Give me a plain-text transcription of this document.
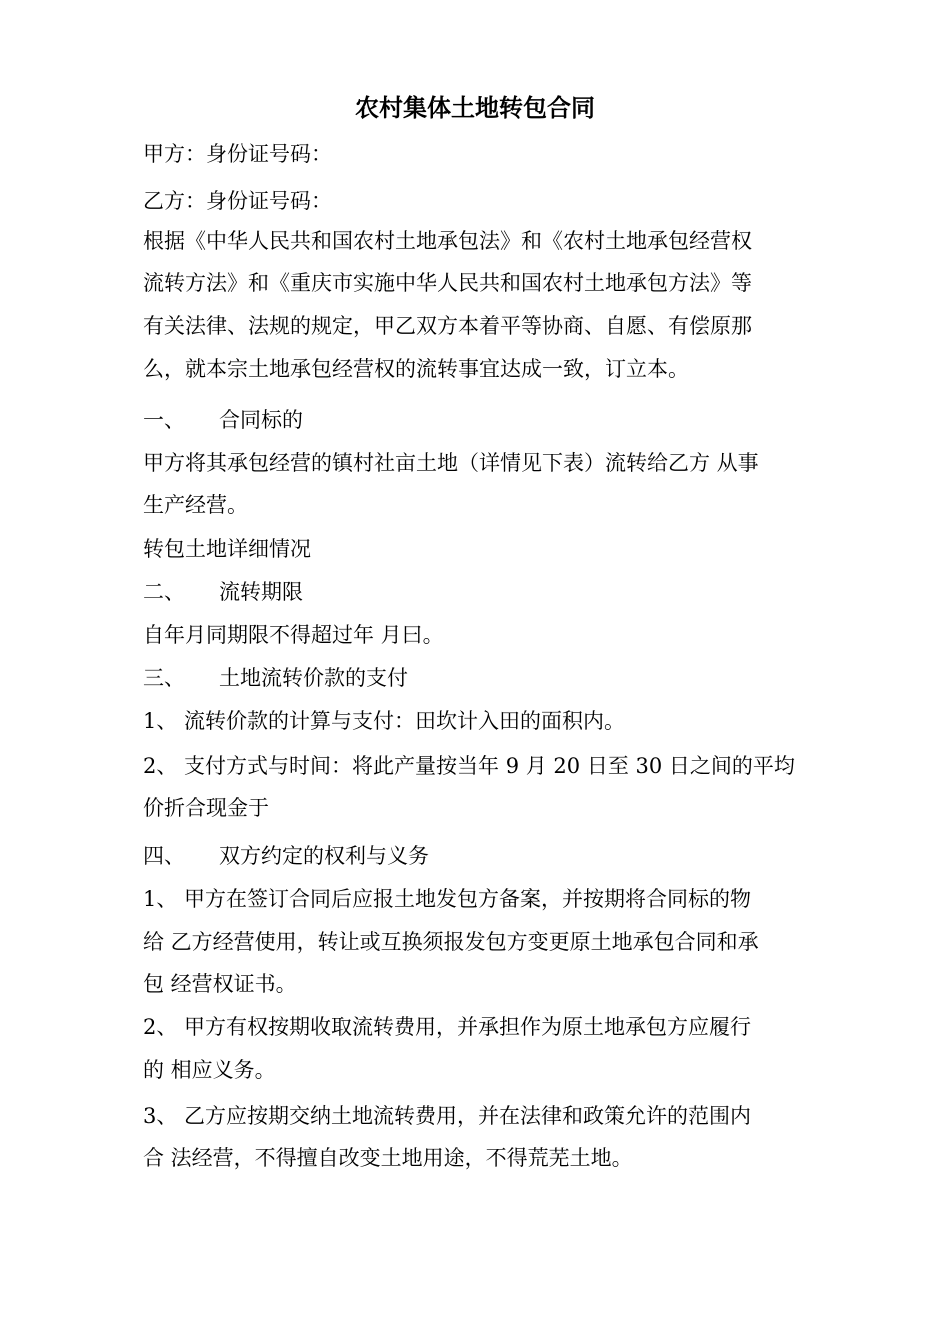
农村集体土地转包合同
甲方：身份证号码：
乙方：身份证号码：
根据《中华人民共和国农村土地承包法》和《农村土地承包经营权
流转方法》和《重庆市实施中华人民共和国农村土地承包方法》等
有关法律、法规的规定，甲乙双方本着平等协商、自愿、有偿原那
么，就本宗土地承包经营权的流转事宜达成一致，订立本。
一、 合同标的
甲方将其承包经营的镇村社亩土地（详情见下表）流转给乙方 从事
生产经营。
转包土地详细情况
二、 流转期限
自年月同期限不得超过年 月曰。
三、 土地流转价款的支付
1、 流转价款的计算与支付：田坎计入田的面积内。
2、 支付方式与时间：将此产量按当年 9 月 20 日至 30 日之间的平均
价折合现金于
四、 双方约定的权利与义务
1、 甲方在签订合同后应报土地发包方备案，并按期将合同标的物
给 乙方经营使用，转让或互换须报发包方变更原土地承包合同和承
包 经营权证书。
2、 甲方有权按期收取流转费用，并承担作为原土地承包方应履行
的 相应义务。
3、 乙方应按期交纳土地流转费用，并在法律和政策允许的范围内
合 法经营，不得擅自改变土地用途，不得荒芜土地。
